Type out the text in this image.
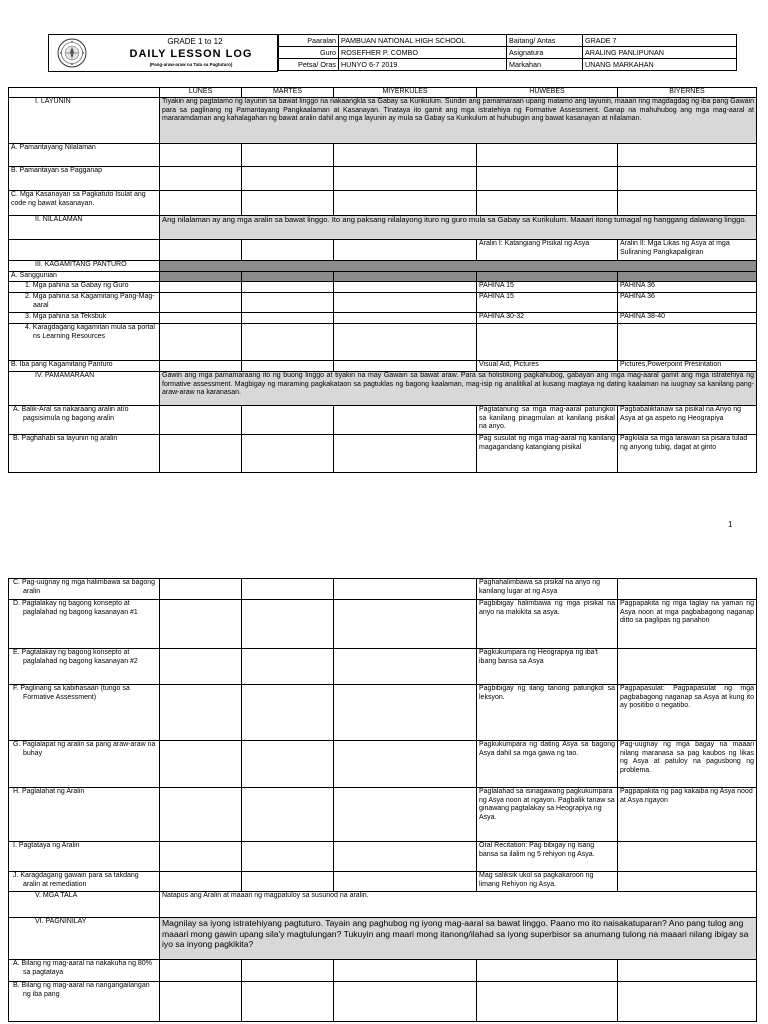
GRADE 1 to 12
DAILY LESSON LOG
(Pang-araw-araw na Tala sa Pagtuturo)
Paaralan	PAMBUAN NATIONAL HIGH SCHOOL	Baitang/ Antas	GRADE 7
Guro	ROSEFHER P. COMBO	Asignatura	ARALING PANLIPUNAN
Petsa/ Oras	HUNYO 6-7 2019	Markahan	UNANG MARKAHAN
	LUNES	MARTES	MIYERKULES	HUWEBES	BIYERNES
I. LAYUNIN	Tiyakin ang pagtatamo ng layunin sa bawat linggo na nakaangkla sa Gabay sa Kurikulum. Sundin ang pamamaraan upang matamo ang layunin, maaari ring magdagdag ng iba pang Gawain para sa paglinang ng Pamantayang Pangkaalaman at Kasanayan. Tinataya ito gamit ang mga istratehiya ng Formative Assessment. Ganap na mahuhubog ang mga mag-aaral at mararamdaman ang kahalagahan ng bawat aralin dahil ang mga layunin ay mula sa Gabay sa Kurikulum at huhubugin ang bawat kasanayan at nilalaman.				
A. Pamantayang Nilalaman					
B. Pamantayan sa Pagganap					
C. Mga Kasanayan sa Pagkatuto Isulat ang code ng bawat kasanayan.					
II. NILALAMAN	Ang nilalaman ay ang mga aralin sa bawat linggo. Ito ang paksang nilalayong ituro ng guro mula sa Gabay sa Kurikulum. Maaari itong tumagal ng hanggang dalawang linggo.				
				Aralin I: Katangiang Pisikal ng Asya	Aralin II: Mga Likas ng Asya at mga Suliraning Pangkapaligiran
III. KAGAMITANG PANTURO					
A. Sanggunian					
1. Mga pahina sa Gabay ng Guro				PAHINA 15	PAHINA 36
2. Mga pahina sa Kagamitang Pang-Mag-aaral				PAHINA 15	PAHINA 36
3. Mga pahina sa Teksbuk				PAHINA 30-32	PAHINA 38-40
4. Karagdagang kagamitan mula sa portal ns Learning Resources					
B. Iba pang Kagamitang Panturo				Visual Aid, Pictures	Pictures,Powerpoint Presintation
IV. PAMAMARAAN	Gawin ang mga pamamaraang ito ng buong linggo at tiyakin na may Gawain sa bawat araw. Para sa holistikong pagkahubog, gabayan ang mga mag-aaral gamit ang mga istratehiya ng formative assessment. Magbigay ng maraming pagkakataon sa pagtuklas ng bagong kaalaman, mag-isip ng analitikal at kusang magtaya ng dating kaalaman na iuugnay sa kanilang pang-araw-araw na karanasan.				
A. Balik-Aral sa nakaraang aralin at/o pagsisimula ng bagong aralin				Pagtatanung sa mga mag-aaral patungkol sa kanilang pinagmulan at kanilang pisikal na anyo.	Pagbabaliktanaw sa pisikal na Anyo ng Asya at ga aspeto ng Heograpiya
B. Paghahabi sa layunin ng aralin				Pag susulat ng mga mag-aaral ng kanilang magagandang katangiang pisikal	Pagkilala sa mga larawan sa pisara tulad ng anyong tubig, dagat at ginto
1
C. Pag-uugnay ng mga halimbawa sa bagong aralin				Paghahalimbawa sa pisikal na anyo ng kanilang lugar at ng Asya	
D. Pagtalakay ng bagong konsepto at paglalahad ng bagong kasanayan #1				Pagbibigay halimbawa ng mga pisikal na anyo na makikita sa asya.	Pagpapakita ng mga taglay na yaman ng Asya noon at mga pagbabagong naganap ditto sa paglipas ng panahon
E. Pagtalakay ng bagong konsepto at paglalahad ng bagong kasanayan #2				Pagkukumpara ng Heograpiya ng iba't ibang bansa sa Asya	
F. Paglinang sa kabihasaan (tungo sa Formative Assessment)				Pagbibigay ng ilang tanong patungkol sa leksyon.	Pagpapasulat: Pagpapasulat ng mga pagbabagong naganap sa Asya at kung ito ay positibo o negatibo.
G. Paglalapat ng aralin sa pang araw-araw na buhay				Pagkukumpara ng dating Asya sa bagong Asya dahil sa mga gawa ng tao.	Pag-uugnay ng mga bagay na maaari nilang maranasa sa pag kaubos ng likas ng Asya at patuloy na pagusbong ng problema.
H. Paglalahat ng Aralin				Paglalahad sa isinagawang pagkukumpara ng Asya noon at ngayon. Pagbalik tanaw sa ginawang pagtalakay sa Heograpiya ng Asya.	Pagpapakita ng pag kakaiba ng Asya nood at Asya ngayon
I. Pagtataya ng Aralin				Oral Recitation: Pag bibigay ng isang bansa sa ilalim ng 5 rehiyon ng Asya.	
J. Karagdagang gawain para sa takdang aralin at remediation				Mag saliksik ukol sa pagkakaroon ng limang Rehiyon ng Asya.	
V. MGA TALA	Natapus ang Aralin at maaari ng magpatuloy sa susunod na aralin.				
VI. PAGNINILAY	Magnilay sa iyong istratehiyang pagtuturo. Tayain ang paghubog ng iyong mag-aaral sa bawat linggo. Paano mo ito naisakatuparan? Ano pang tulog ang maaari mong gawin upang sila'y magtulungan? Tukuyin ang maari mong itanong/ilahad sa iyong superbisor sa anumang tulong na maaari nilang ibigay sa iyo sa inyong pagkikita?				
A. Bilang ng mag-aaral na nakakuha ng 80% sa pagtataya					
B. Bilang ng mag-aaral na nangangailangan ng iba pang					
